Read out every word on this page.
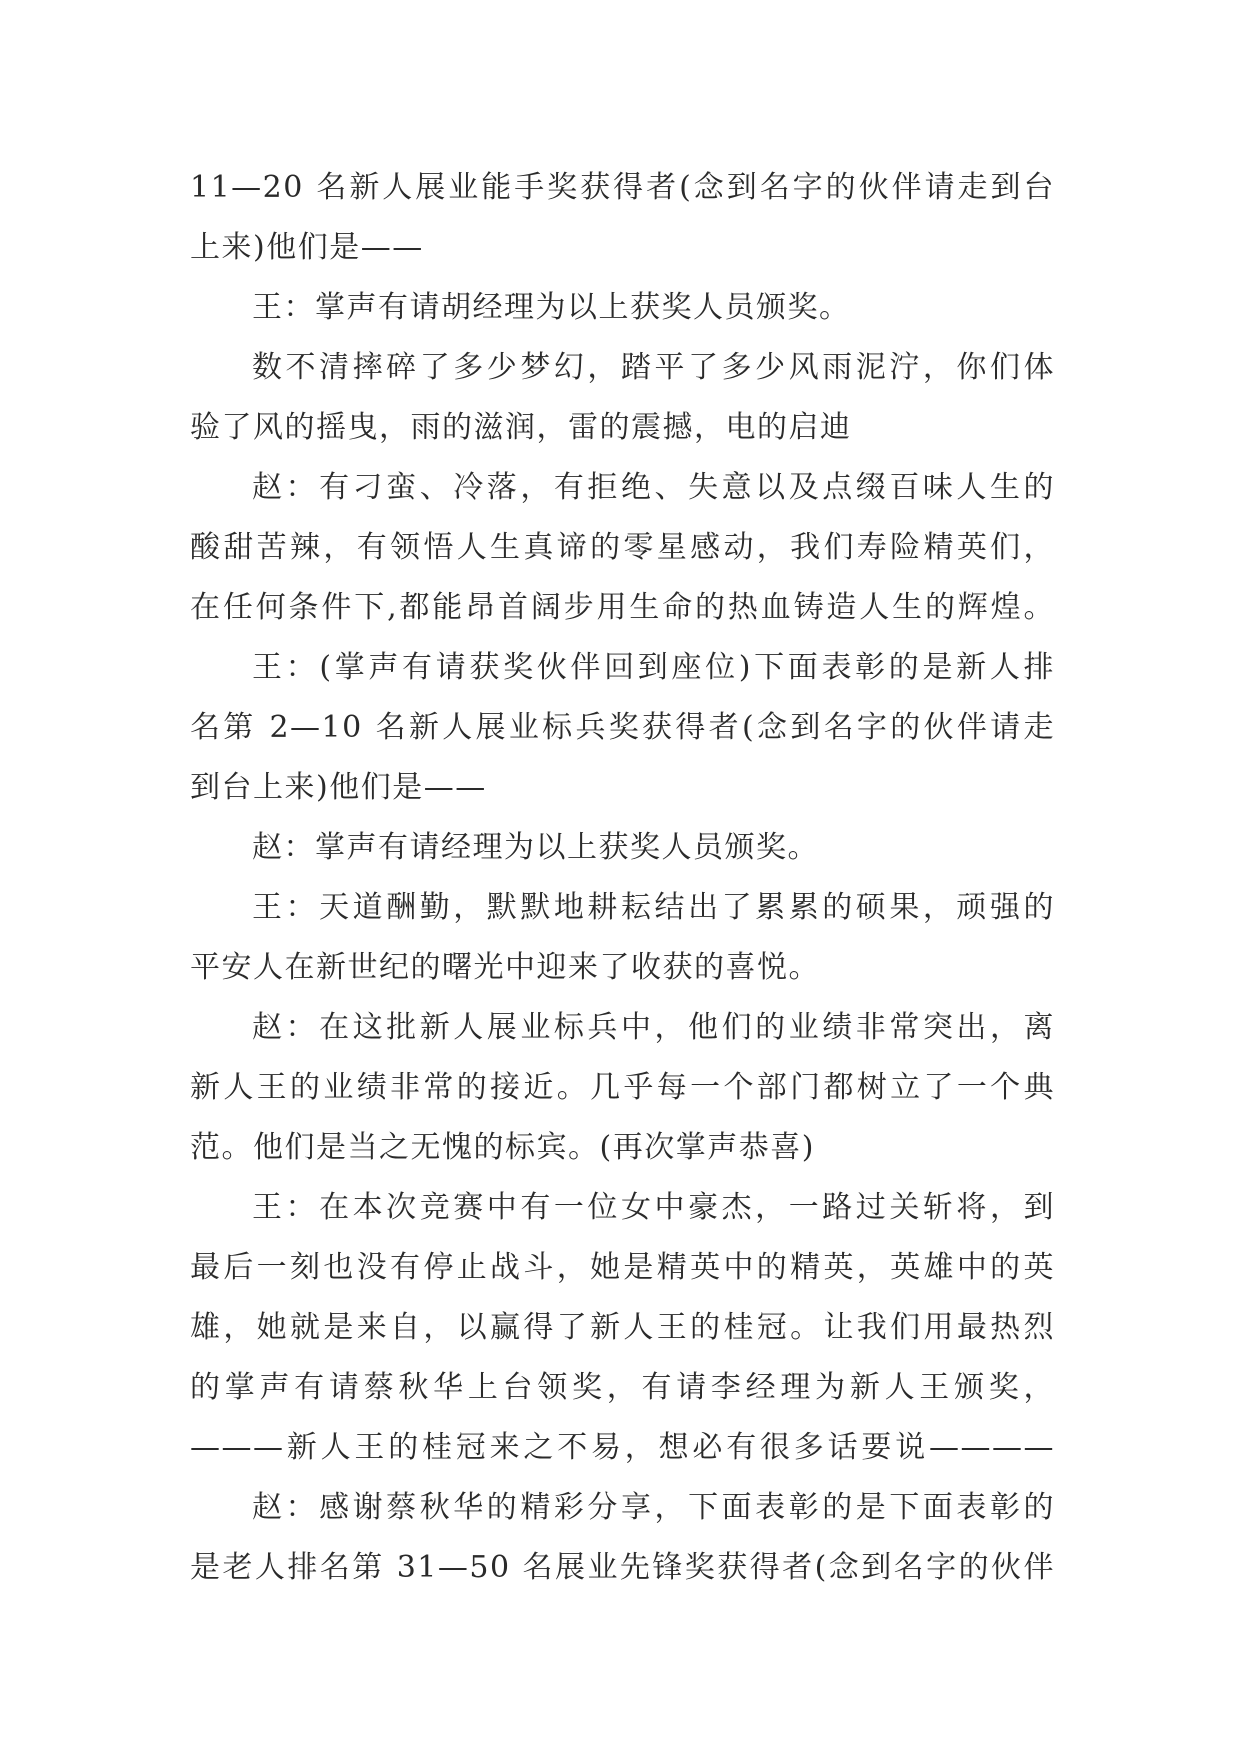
11—20 名新人展业能手奖获得者(念到名字的伙伴请走到台
上来)他们是——
王：掌声有请胡经理为以上获奖人员颁奖。
数不清摔碎了多少梦幻，踏平了多少风雨泥泞，你们体
验了风的摇曳，雨的滋润，雷的震撼，电的启迪
赵：有刁蛮、冷落，有拒绝、失意以及点缀百味人生的
酸甜苦辣，有领悟人生真谛的零星感动，我们寿险精英们，
在任何条件下,都能昂首阔步用生命的热血铸造人生的辉煌。
王：(掌声有请获奖伙伴回到座位)下面表彰的是新人排
名第 2—10 名新人展业标兵奖获得者(念到名字的伙伴请走
到台上来)他们是——
赵：掌声有请经理为以上获奖人员颁奖。
王：天道酬勤，默默地耕耘结出了累累的硕果，顽强的
平安人在新世纪的曙光中迎来了收获的喜悦。
赵：在这批新人展业标兵中，他们的业绩非常突出，离
新人王的业绩非常的接近。几乎每一个部门都树立了一个典
范。他们是当之无愧的标宾。(再次掌声恭喜)
王：在本次竞赛中有一位女中豪杰，一路过关斩将，到
最后一刻也没有停止战斗，她是精英中的精英，英雄中的英
雄，她就是来自，以赢得了新人王的桂冠。让我们用最热烈
的掌声有请蔡秋华上台领奖，有请李经理为新人王颁奖，
———新人王的桂冠来之不易，想必有很多话要说————
赵：感谢蔡秋华的精彩分享，下面表彰的是下面表彰的
是老人排名第 31—50 名展业先锋奖获得者(念到名字的伙伴
